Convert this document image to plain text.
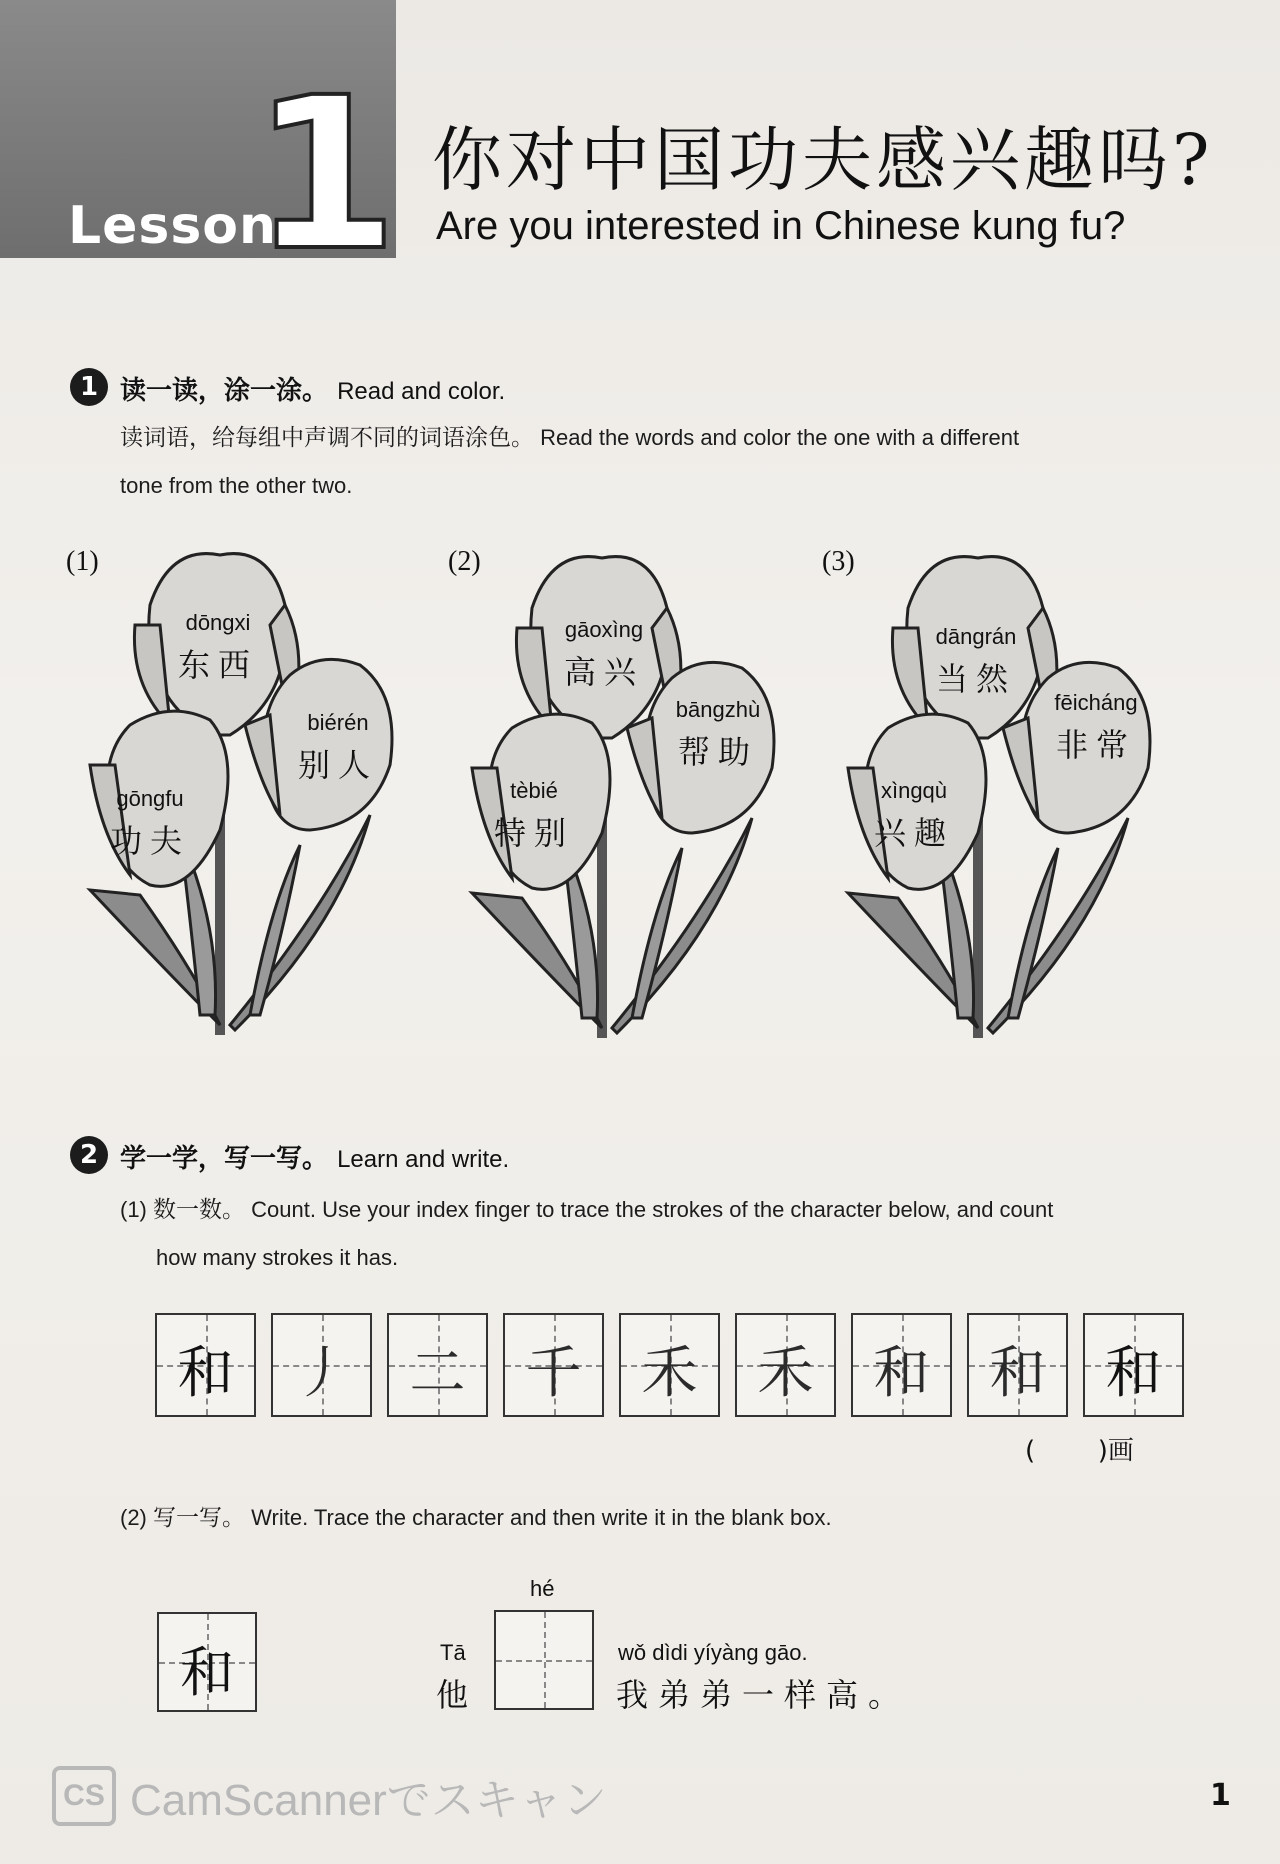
Lesson
1 你对中国功夫感兴趣吗?
Are you interested in Chinese kung fu?
1 读一读，涂一涂。 Read and color.
读词语，给每组中声调不同的词语涂色。 Read the words and color the one with a different
tone from the other two.
(1)	(2)	(3)
dōngxi
东西
biérén
别人
gōngfu
功夫
gāoxìng
高兴
bāngzhù
帮助
tèbié
特别
dāngrán
当然
fēicháng
非常
xìngqù
兴趣
2 学一学，写一写。 Learn and write.
(1) 数一数。 Count. Use your index finger to trace the strokes of the character below, and count
how many strokes it has.
和	丿	二	千	禾	禾	和	和	和
( )画
(2) 写一写。 Write. Trace the character and then write it in the blank box.
和	Tā
他
hé
wǒ dìdi yíyàng gāo.
我弟弟一样高。
CS CamScannerでスキャン	1
